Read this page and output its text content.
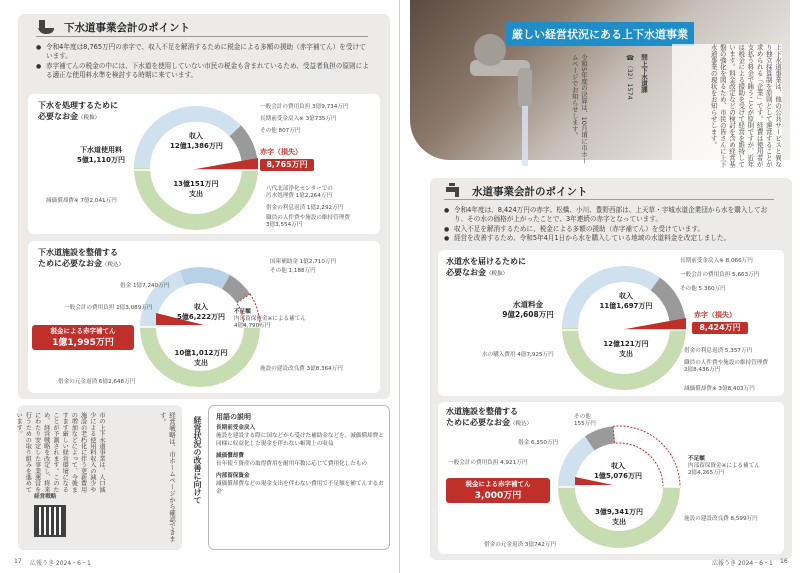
下水道事業会計のポイント
● 令和4年度は8,765万円の赤字で、収入不足を解消するために税金による多額の援助（赤字補てん）を受けています。
● 赤字補てんの税金の中には、下水道を使用していない市民の税金も含まれているため、受益者負担の原則による適正な使用料水準を検討する時期に来ています。
下水を処理するために
必要なお金（税抜）
収入
12億1,386万円
13億151万円
支出
下水道使用料
5億1,110万円
赤字（損失）
8,765万円
一般会計の費用負担 3億9,734万円
長期前受金戻入※ 3億735万円
その他 807万円
八代北部浄化センターでの
汚水処理費 1億2,264万円
借金の利息返済 1億2,292万円
職員の人件費や施設の維持管理費
3億3,554万円
減価償却費※ 7億2,041万円
下水道施設を整備する
ために必要なお金（税込）
収入
5億6,222万円
10億1,012万円
支出
税金による赤字補てん
1億1,995万円
不足額
内部留保資金※による補てん
4億4,790万円
国庫補助金 1億2,710万円
その他 1,188万円
借金 1億7,240万円
一般会計の費用負担 1億3,089万円
施設の建設改良費 3億8,364万円
借金の元金返済 6億2,648万円
経営戦略は、市ホームページから確認できます。
経営戦略	経営状況の改善に向けて
市の上下水道事業は、人口減少による使用料収入の減少や施設の老朽化に伴う更新費用の増加などによって、今後ますます厳しい経営環境になることが予測されます。このため、経営戦略を改定し、将来にわたり安定した事業運営を行うための取り組みを進めています。	用語の説明
長期前受金戻入
施設を建設する際に国などから受けた補助金などを、減価償却費と同様に収益化した現金を伴わない帳簿上の収益
減価償却費
長年使う資産の取得費用を耐用年数に応じて費用化したもの
内部留保資金
減価償却費などの現金支出を伴わない費用で不足額を補てんするお金
17 広報うき 2024・6・1
厳しい経営状況にある上下水道事業
上下水道事業は、他の公共サービスと異なり独立採算制を原則として運営することが求められる「企業」です。経費は使用者が支払う料金で賄うことが原則ですが、近年は税金による援助を受けて経営を維持しています。料金改定などの検討を含め経営基盤の強化を図るため、市民の皆さんに上下水道事業の現状をお知らせします。
問上下水道課
☎（32）1574
令和5年度の決算は、10月頃に市ホームページでお知らせします。
水道事業会計のポイント
● 令和4年度は、8,424万円の赤字。松橋、小川、豊野西部は、上天草・宇城水道企業団から水を購入しており、その水の価格が上がったことで、3年連続の赤字となっています。
● 収入不足を解消するために、税金による多額の援助（赤字補てん）を受けています。
● 経営を改善するため、令和5年4月1日から水を購入している地域の水道料金を改定しました。
水道水を届けるために
必要なお金（税抜）
収入
11億1,697万円
12億121万円
支出
水道料金
9億2,608万円	赤字（損失）
8,424万円
長期前受金戻入※ 8,066万円
一般会計の費用負担 5,663万円
その他 5,360万円
借金の利息返済 5,357万円
職員の人件費や施設の維持管理費
2億8,436万円
減価償却費※ 3億8,403万円
水の購入費用 4億7,925万円
水道施設を整備する
ために必要なお金（税込）
収入
1億5,076万円
3億9,341万円
支出
税金による赤字補てん
3,000万円
不足額
内部留保資金※による補てん
2億4,265万円
その他
155万円
借金 6,350万円
一般会計の費用負担 4,921万円
施設の建設改良費 8,599万円
借金の元金返済 3億742万円
広報うき 2024・6・1 16
